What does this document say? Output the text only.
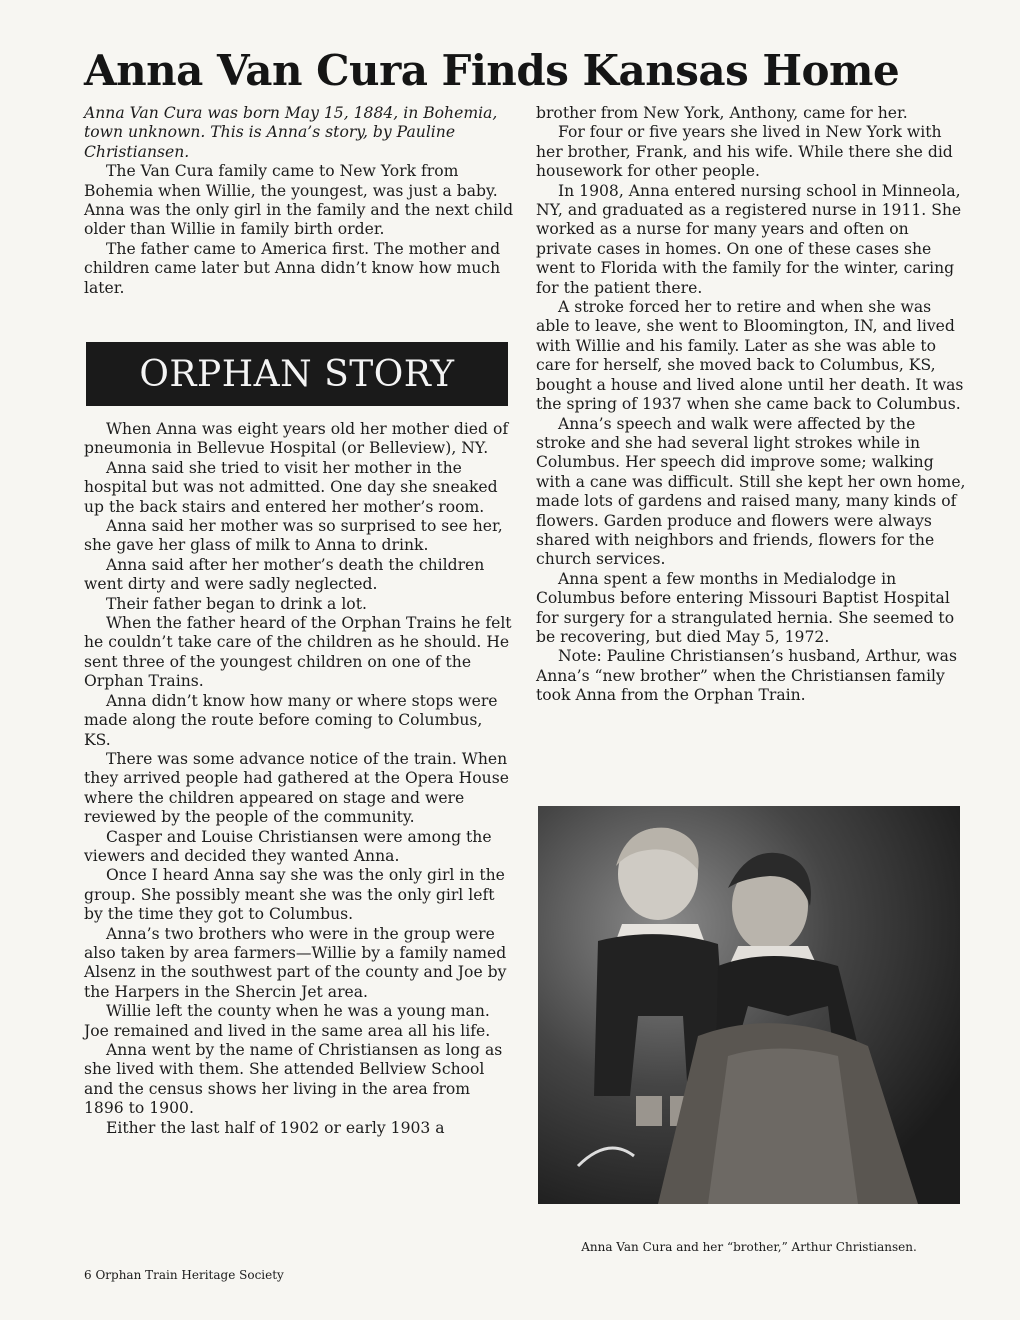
Anna Van Cura Finds Kansas Home

Anna Van Cura was born May 15, 1884, in Bohemia, town unknown. This is Anna’s story, by Pauline Christiansen.

The Van Cura family came to New York from Bohemia when Willie, the youngest, was just a baby. Anna was the only girl in the family and the next child older than Willie in family birth order.

The father came to America first. The mother and children came later but Anna didn’t know how much later.

ORPHAN STORY

When Anna was eight years old her mother died of pneumonia in Bellevue Hospital (or Belleview), NY.

Anna said she tried to visit her mother in the hospital but was not admitted. One day she sneaked up the back stairs and entered her mother’s room.

Anna said her mother was so surprised to see her, she gave her glass of milk to Anna to drink.

Anna said after her mother’s death the children went dirty and were sadly neglected.

Their father began to drink a lot.

When the father heard of the Orphan Trains he felt he couldn’t take care of the children as he should. He sent three of the youngest children on one of the Orphan Trains.

Anna didn’t know how many or where stops were made along the route before coming to Columbus, KS.

There was some advance notice of the train. When they arrived people had gathered at the Opera House where the children appeared on stage and were reviewed by the people of the community.

Casper and Louise Christiansen were among the viewers and decided they wanted Anna.

Once I heard Anna say she was the only girl in the group. She possibly meant she was the only girl left by the time they got to Columbus.

Anna’s two brothers who were in the group were also taken by area farmers—Willie by a family named Alsenz in the southwest part of the county and Joe by the Harpers in the Shercin Jet area.

Willie left the county when he was a young man. Joe remained and lived in the same area all his life.

Anna went by the name of Christiansen as long as she lived with them. She attended Bellview School and the census shows her living in the area from 1896 to 1900.

Either the last half of 1902 or early 1903 a

brother from New York, Anthony, came for her.

For four or five years she lived in New York with her brother, Frank, and his wife. While there she did housework for other people.

In 1908, Anna entered nursing school in Minneola, NY, and graduated as a registered nurse in 1911. She worked as a nurse for many years and often on private cases in homes. On one of these cases she went to Florida with the family for the winter, caring for the patient there.

A stroke forced her to retire and when she was able to leave, she went to Bloomington, IN, and lived with Willie and his family. Later as she was able to care for herself, she moved back to Columbus, KS, bought a house and lived alone until her death. It was the spring of 1937 when she came back to Columbus.

Anna’s speech and walk were affected by the stroke and she had several light strokes while in Columbus. Her speech did improve some; walking with a cane was difficult. Still she kept her own home, made lots of gardens and raised many, many kinds of flowers. Garden produce and flowers were always shared with neighbors and friends, flowers for the church services.

Anna spent a few months in Medialodge in Columbus before entering Missouri Baptist Hospital for surgery for a strangulated hernia. She seemed to be recovering, but died May 5, 1972.

Note: Pauline Christiansen’s husband, Arthur, was Anna’s “new brother” when the Christiansen family took Anna from the Orphan Train.

Anna Van Cura and her “brother,” Arthur Christiansen.
6 Orphan Train Heritage Society
